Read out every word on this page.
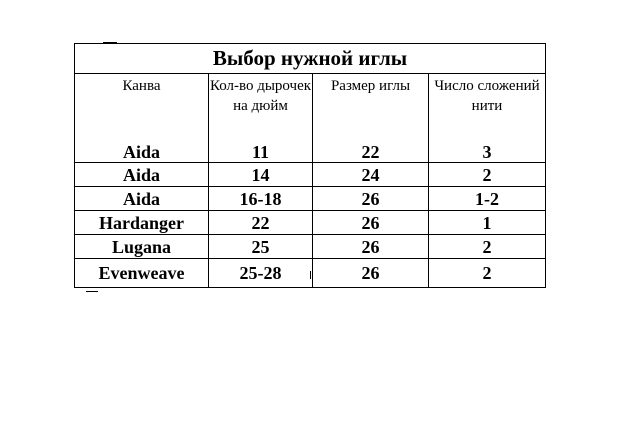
Выбор нужной иглы			

Канва	Кол-во дырочек на дюйм	Размер иглы	Число сложений нити

Aida	11	22	3
Aida	14	24	2
Aida	16-18	26	1-2
Hardanger	22	26	1
Lugana	25	26	2
Evenweave	25-28	26	2
